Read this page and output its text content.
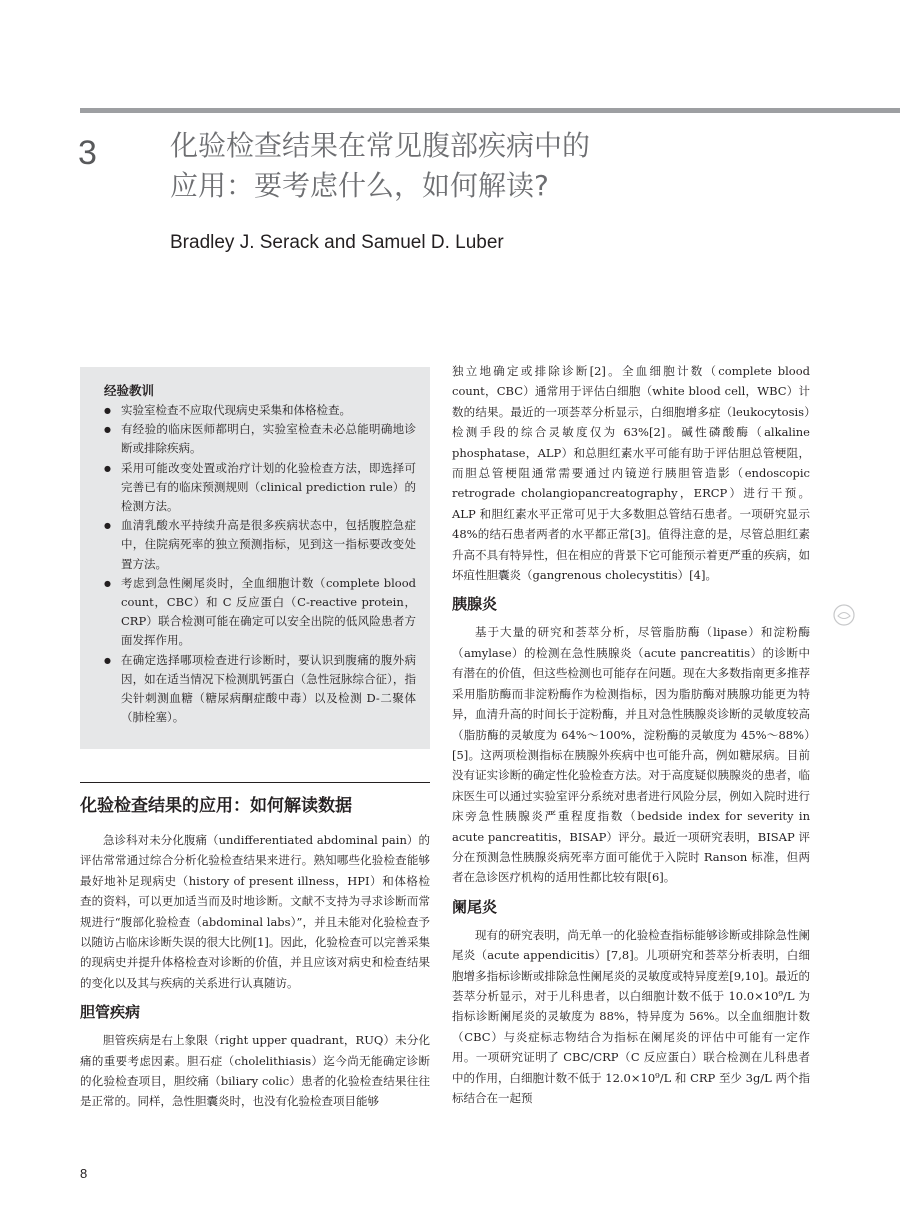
3	化验检查结果在常见腹部疾病中的
应用：要考虑什么，如何解读?
Bradley J. Serack and Samuel D. Luber
经验教训
● 实验室检查不应取代现病史采集和体格检查。
● 有经验的临床医师都明白，实验室检查未必总能明确地诊断或排除疾病。
● 采用可能改变处置或治疗计划的化验检查方法，即选择可完善已有的临床预测规则（clinical prediction rule）的检测方法。
● 血清乳酸水平持续升高是很多疾病状态中，包括腹腔急症中，住院病死率的独立预测指标，见到这一指标要改变处置方法。
● 考虑到急性阑尾炎时，全血细胞计数（complete blood count，CBC）和 C 反应蛋白（C-reactive protein，CRP）联合检测可能在确定可以安全出院的低风险患者方面发挥作用。
● 在确定选择哪项检查进行诊断时，要认识到腹痛的腹外病因，如在适当情况下检测肌钙蛋白（急性冠脉综合征），指尖针刺测血糖（糖尿病酮症酸中毒）以及检测 D-二聚体（肺栓塞）。
化验检查结果的应用：如何解读数据

急诊科对未分化腹痛（undifferentiated abdominal pain）的评估常常通过综合分析化验检查结果来进行。熟知哪些化验检查能够最好地补足现病史（history of present illness，HPI）和体格检查的资料，可以更加适当而及时地诊断。文献不支持为寻求诊断而常规进行“腹部化验检查（abdominal labs）”，并且未能对化验检查予以随访占临床诊断失误的很大比例[1]。因此，化验检查可以完善采集的现病史并提升体格检查对诊断的价值，并且应该对病史和检查结果的变化以及其与疾病的关系进行认真随访。

胆管疾病

胆管疾病是右上象限（right upper quadrant，RUQ）未分化痛的重要考虑因素。胆石症（cholelithiasis）迄今尚无能确定诊断的化验检查项目，胆绞痛（biliary colic）患者的化验检查结果往往是正常的。同样，急性胆囊炎时，也没有化验检查项目能够

独立地确定或排除诊断[2]。全血细胞计数（complete blood count，CBC）通常用于评估白细胞（white blood cell，WBC）计数的结果。最近的一项荟萃分析显示，白细胞增多症（leukocytosis）检测手段的综合灵敏度仅为 63%[2]。碱性磷酸酶（alkaline phosphatase，ALP）和总胆红素水平可能有助于评估胆总管梗阻，而胆总管梗阻通常需要通过内镜逆行胰胆管造影（endoscopic retrograde cholangiopancreatography，ERCP）进行干预。ALP 和胆红素水平正常可见于大多数胆总管结石患者。一项研究显示 48%的结石患者两者的水平都正常[3]。值得注意的是，尽管总胆红素升高不具有特异性，但在相应的背景下它可能预示着更严重的疾病，如坏疽性胆囊炎（gangrenous cholecystitis）[4]。

胰腺炎

基于大量的研究和荟萃分析，尽管脂肪酶（lipase）和淀粉酶（amylase）的检测在急性胰腺炎（acute pancreatitis）的诊断中有潜在的价值，但这些检测也可能存在问题。现在大多数指南更多推荐采用脂肪酶而非淀粉酶作为检测指标，因为脂肪酶对胰腺功能更为特异，血清升高的时间长于淀粉酶，并且对急性胰腺炎诊断的灵敏度较高（脂肪酶的灵敏度为 64%～100%，淀粉酶的灵敏度为 45%～88%）[5]。这两项检测指标在胰腺外疾病中也可能升高，例如糖尿病。目前没有证实诊断的确定性化验检查方法。对于高度疑似胰腺炎的患者，临床医生可以通过实验室评分系统对患者进行风险分层，例如入院时进行床旁急性胰腺炎严重程度指数（bedside index for severity in acute pancreatitis，BISAP）评分。最近一项研究表明，BISAP 评分在预测急性胰腺炎病死率方面可能优于入院时 Ranson 标准，但两者在急诊医疗机构的适用性都比较有限[6]。

阑尾炎

现有的研究表明，尚无单一的化验检查指标能够诊断或排除急性阑尾炎（acute appendicitis）[7,8]。儿项研究和荟萃分析表明，白细胞增多指标诊断或排除急性阑尾炎的灵敏度或特异度差[9,10]。最近的荟萃分析显示，对于儿科患者，以白细胞计数不低于 10.0×10⁹/L 为指标诊断阑尾炎的灵敏度为 88%，特异度为 56%。以全血细胞计数（CBC）与炎症标志物结合为指标在阑尾炎的评估中可能有一定作用。一项研究证明了 CBC/CRP（C 反应蛋白）联合检测在儿科患者中的作用，白细胞计数不低于 12.0×10⁹/L 和 CRP 至少 3g/L 两个指标结合在一起预

8
